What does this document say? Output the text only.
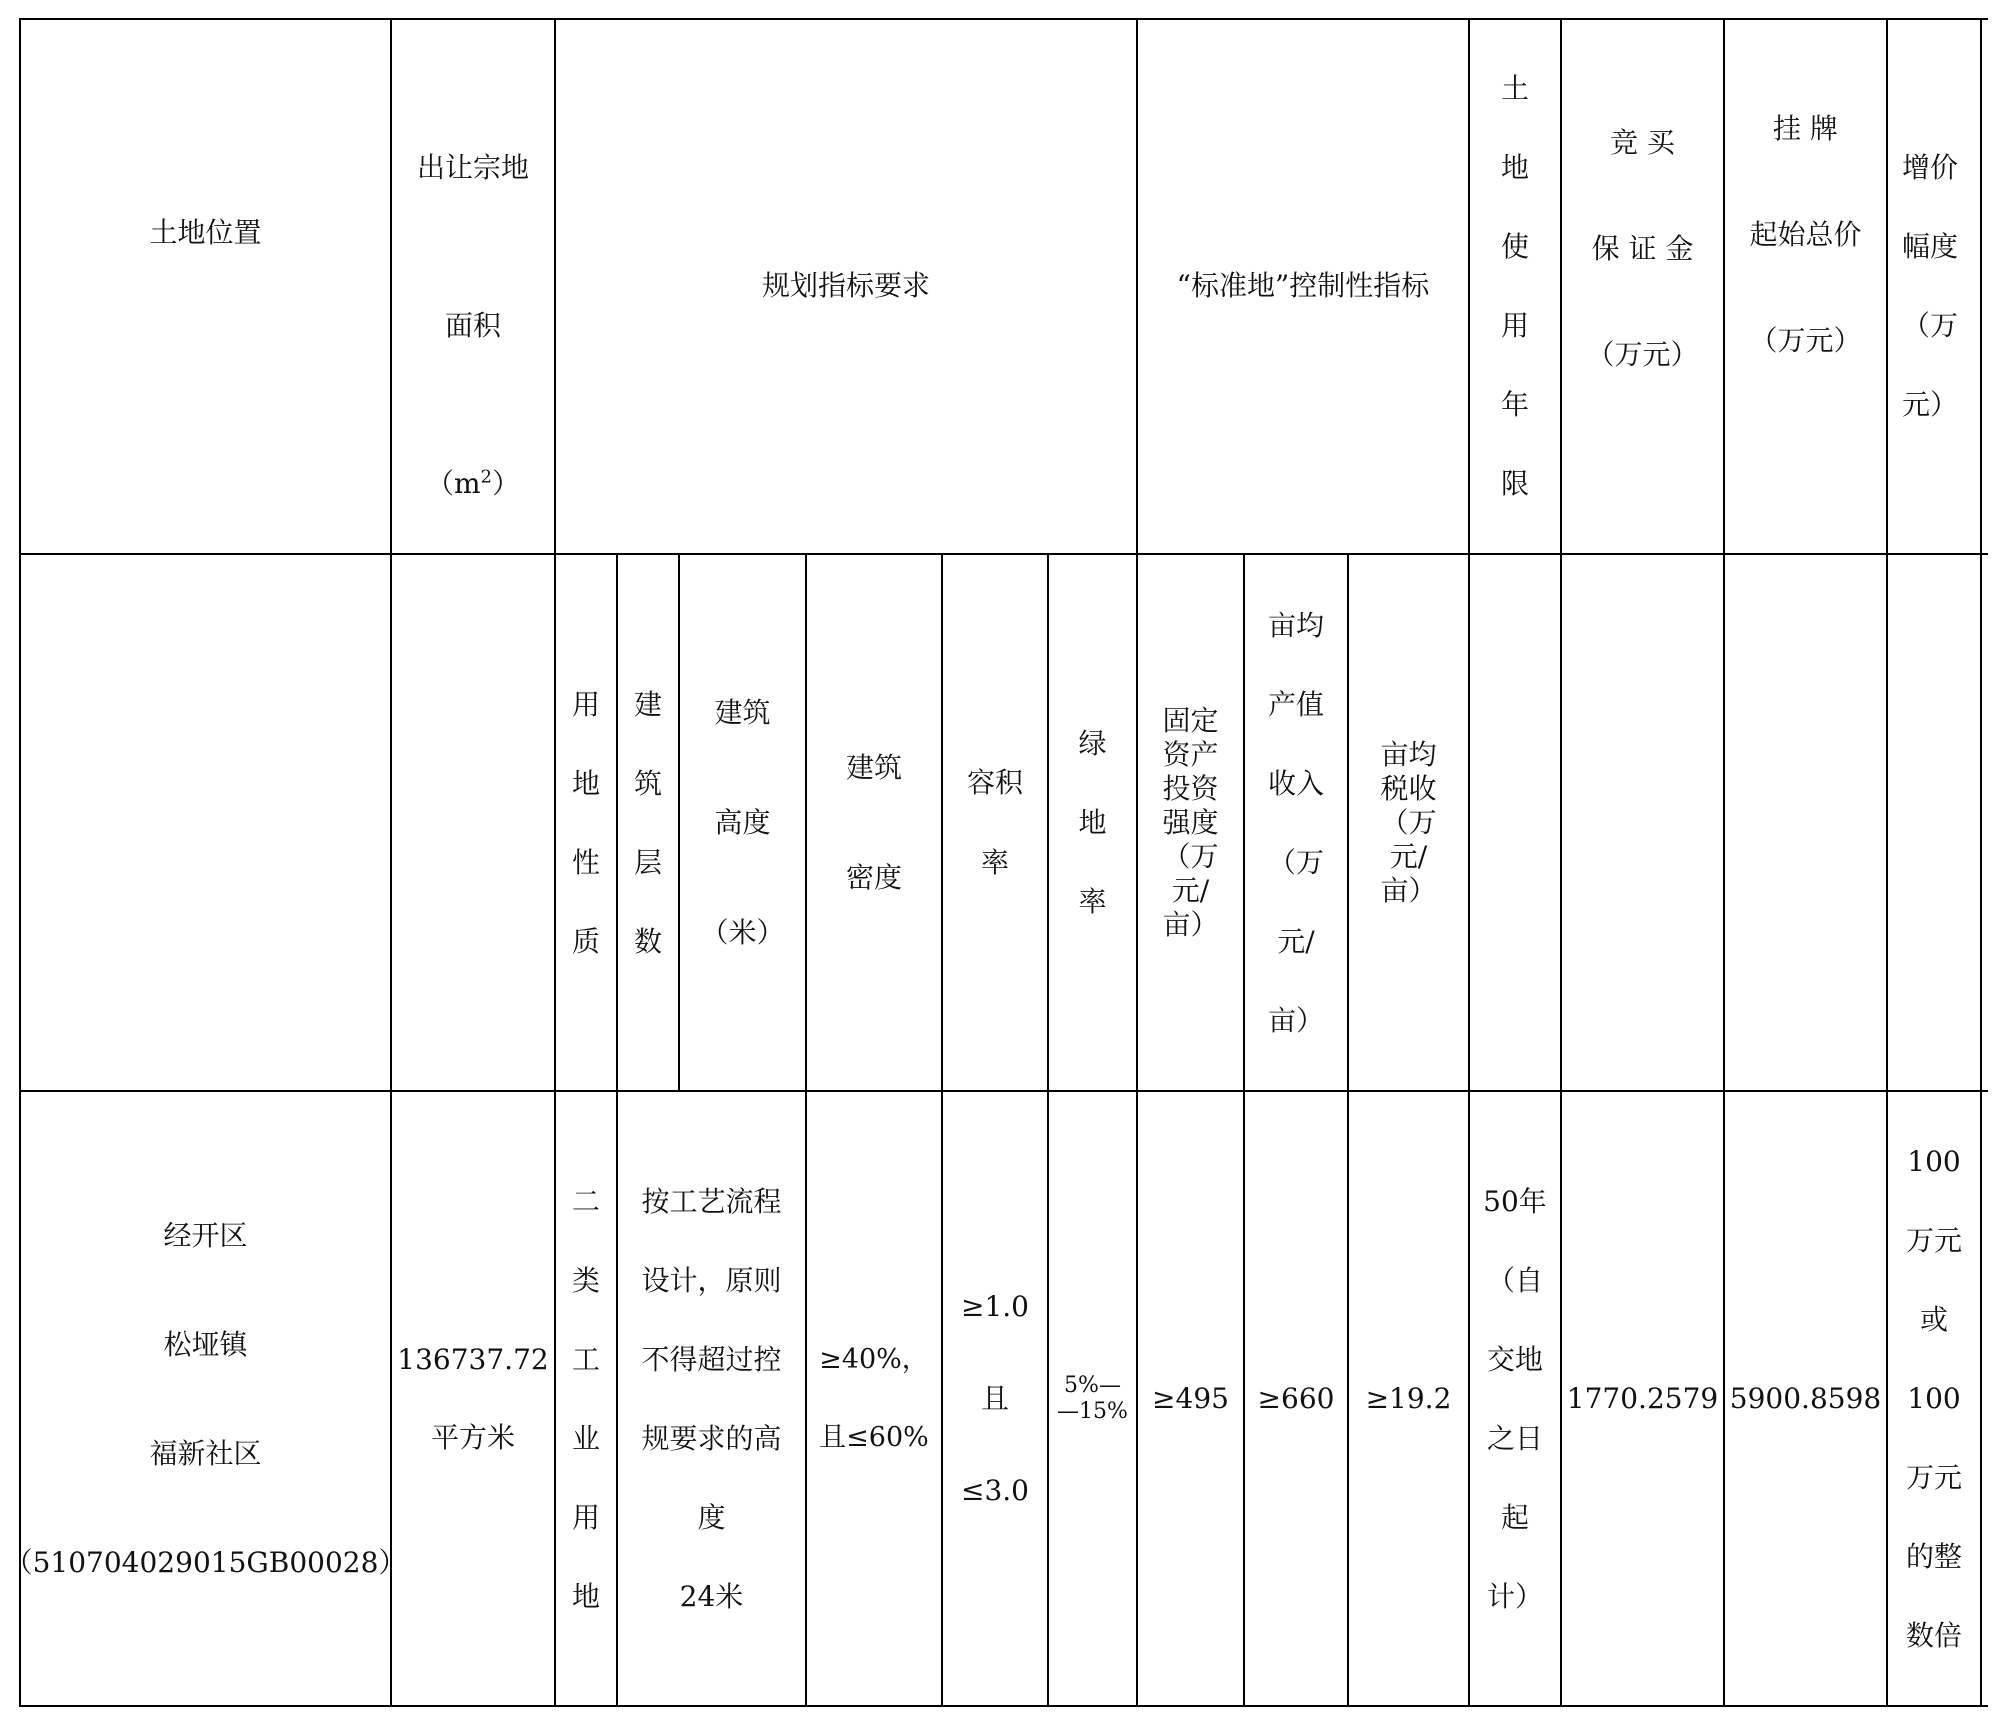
土地位置

出让宗地

面积

$(m^2)$

规划指标要求	“标准地”控制性指标
土地使用年限
竞 买
保 证 金
（万元）
挂 牌
起始总价
（万元）
增价
幅度
（万
元）
用地性质
建筑层数
建筑
高度
（米）
建筑
密度
容积
率
绿地率
固定资产投资强度（万元/亩）
亩均
产值
收入
（万
元/
亩）
亩均税收（万元/亩）
经开区
松垭镇
福新社区
（510704029015GB00028）
136737.72
平方米
二类工业用地
按工艺流程
设计，原则
不得超过控
规要求的高
度
24米
≥40%，
且≤60%
≥1.0
且
≤3.0
5%—
—15% ≥495 ≥660 ≥19.2
50年
（自
交地
之日
起
计）
1770.2579 5900.8598
100
万元
或
100
万元
的整
数倍
